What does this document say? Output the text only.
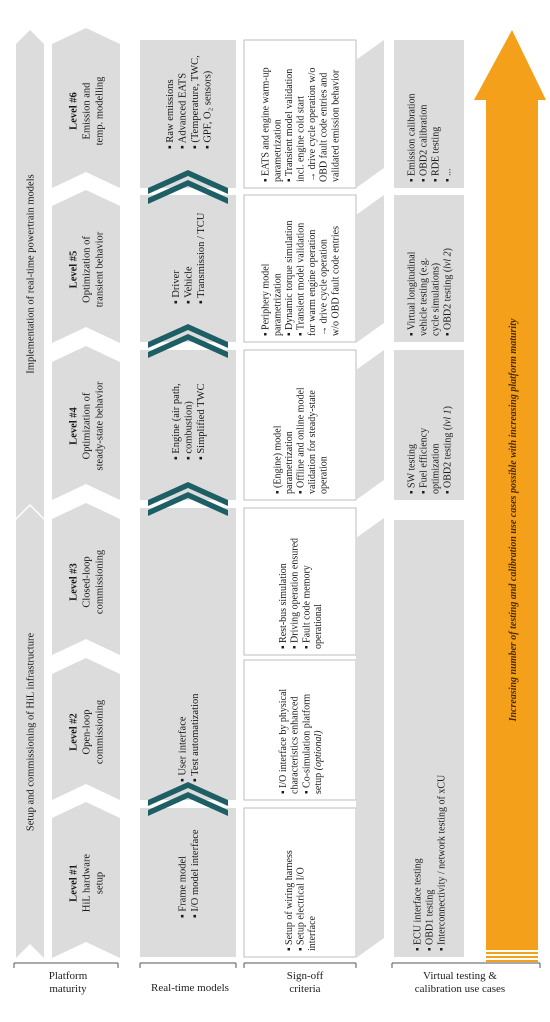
Setup and commissioning of HiL infrastructure
Implementation of real-time powertrain models
Level #1 HiL hardware setup
Level #2 Open-loop commissioning
Level #3 Closed-loop commissioning
Level #4 Optimization of steady-state behavior
Level #5 Optimization of transient behavior
Level #6 Emission and temp. modelling
▪ Frame model ▪ I/O model interface
▪ User interface ▪ Test automatization
▪ Engine (air path, ▪ combustion) ▪ Simplified TWC
▪ Driver ▪ Vehicle ▪ Transmission / TCU
▪ Raw emissions ▪ Advanced EATS ▪ (Temperature, TWC, ▪ GPF, O₂ sensors)
▪ Setup of wiring harness ▪ Setup electrical I/O interface
▪ I/O interface by physical characteristics enhanced ▪ Co-simulation platform setup (optional)
▪ Rest-bus simulation ▪ Driving operation ensured ▪ Fault code memory operational
▪ (Engine) model parametrization ▪ Offline and online model validation for steady-state operation
▪ Periphery model parametrization ▪ Dynamic torque simulation ▪ Transient model validation for warm engine operation → drive cycle operation w/o OBD fault code entries
▪ EATS and engine warm-up parametrization ▪ Transient model validation incl. engine cold start → drive cycle operation w/o OBD fault code entries and validated emission behavior
▪ ECU interface testing ▪ OBD1 testing ▪ Interconnectivity / network testing of xCU
▪ SW testing ▪ Fuel efficiency optimization ▪ OBD2 testing (lvl 1)
▪ Virtual longitudinal vehicle testing (e.g. cycle simulations) ▪ OBD2 testing (lvl 2)
▪ Emission calibration ▪ OBD2 calibration ▪ RDE testing ▪ ...
Increasing number of testing and calibration use cases possible with increasing platform maturity
Platform
maturity	Real-time models
Sign-off
criteria
Virtual testing &
calibration use cases
